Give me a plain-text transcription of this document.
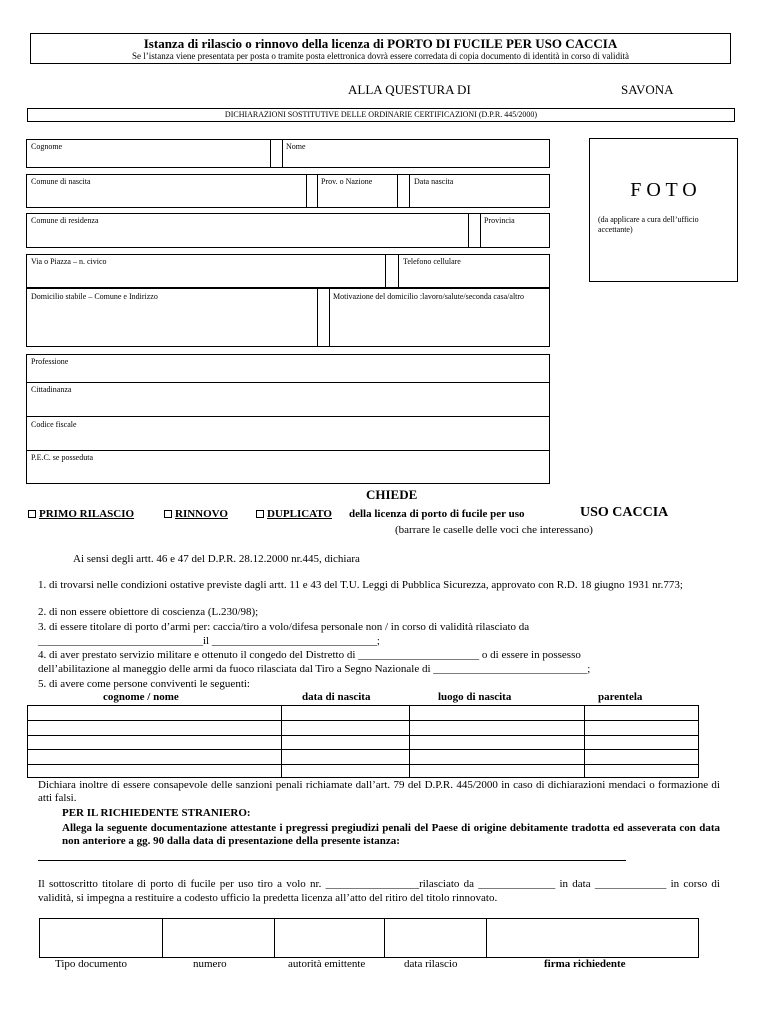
Istanza di rilascio o rinnovo della licenza di PORTO DI FUCILE PER USO CACCIA
Se l’istanza viene presentata per posta o tramite posta elettronica dovrà essere corredata di copia documento di identità in corso di validità
ALLA QUESTURA DI	SAVONA
DICHIARAZIONI SOSTITUTIVE DELLE ORDINARIE CERTIFICAZIONI (D.P.R. 445/2000)
Cognome	Nome
Comune di nascita	Prov. o Nazione	Data nascita
Comune di residenza	Provincia
Via o Piazza – n. civico	Telefono cellulare
Domicilio stabile – Comune e Indirizzo	Motivazione del domicilio :lavoro/salute/seconda casa/altro
Professione
Cittadinanza
Codice fiscale
P.E.C. se posseduta
F O T O
(da applicare a cura dell’ufficio accettante)
CHIEDE
PRIMO RILASCIO	RINNOVO	DUPLICATO della licenza di porto di fucile per uso	USO CACCIA
(barrare le caselle delle voci che interessano)
Ai sensi degli artt. 46 e 47 del D.P.R. 28.12.2000 nr.445, dichiara
1. di trovarsi nelle condizioni ostative previste dagli artt. 11 e 43 del T.U. Leggi di Pubblica Sicurezza, approvato con R.D. 18 giugno 1931 nr.773;
2. di non essere obiettore di coscienza (L.230/98);
3. di essere titolare di porto d’armi per: caccia/tiro a volo/difesa personale non / in corso di validità rilasciato da
______________________________il ______________________________;
4. di aver prestato servizio militare e ottenuto il congedo del Distretto di ______________________ o di essere in possesso
dell’abilitazione al maneggio delle armi da fuoco rilasciata dal Tiro a Segno Nazionale di ____________________________;
5. di avere come persone conviventi le seguenti:
cognome / nome	data di nascita	luogo di nascita	parentela
Dichiara inoltre di essere consapevole delle sanzioni penali richiamate dall’art. 79 del D.P.R. 445/2000 in caso di dichiarazioni mendaci o formazione di atti falsi.
PER IL RICHIEDENTE STRANIERO:
Allega la seguente documentazione attestante i pregressi pregiudizi penali del Paese di origine debitamente tradotta ed asseverata con data non anteriore a gg. 90 dalla data di presentazione della presente istanza:
Il sottoscritto titolare di porto di fucile per uso tiro a volo nr. _________________rilasciato da ______________ in data _____________ in corso di validità, si impegna a restituire a codesto ufficio la predetta licenza all’atto del ritiro del titolo rinnovato.
Tipo documento	numero	autorità emittente	data rilascio	firma richiedente
